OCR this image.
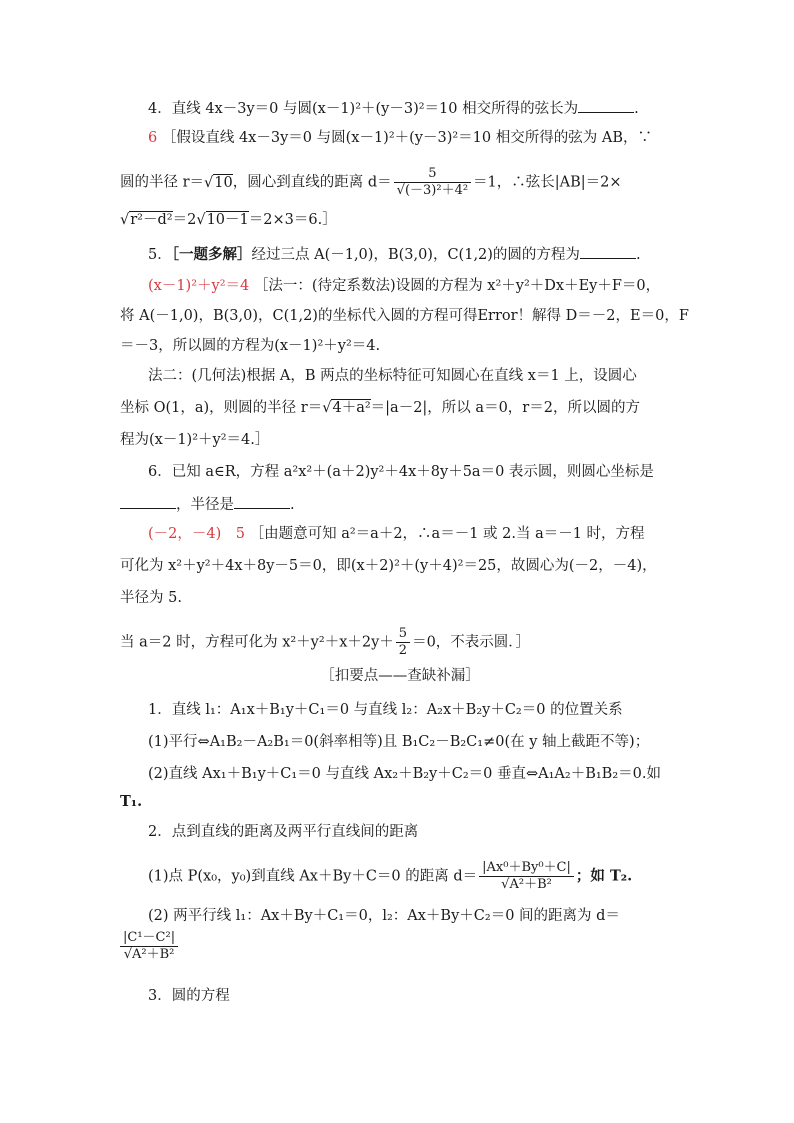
4．直线 4x－3y＝0 与圆(x－1)²＋(y－3)²＝10 相交所得的弦长为	.
6 ［假设直线 4x－3y＝0 与圆(x－1)²＋(y－3)²＝10 相交所得的弦为 AB，∵
圆的半径 r＝ √ 10，圆心到直线的距离 d＝ 5
√ (－3)²＋4² ＝1，∴弦长|AB|＝2×
√ r²－d²＝2 √ 10－1＝2×3＝6.］
5．［一题多解］经过三点 A(－1,0)，B(3,0)，C(1,2)的圆的方程为	.
(x－1)²＋y²＝4 ［法一：(待定系数法)设圆的方程为 x²＋y²＋Dx＋Ey＋F＝0，
将 A(－1,0)，B(3,0)，C(1,2)的坐标代入圆的方程可得Error！解得 D＝－2，E＝0，F
＝－3，所以圆的方程为(x－1)²＋y²＝4.
法二：(几何法)根据 A，B 两点的坐标特征可知圆心在直线 x＝1 上，设圆心
坐标 O(1，a)，则圆的半径 r＝ √ 4＋a²＝|a－2|，所以 a＝0，r＝2，所以圆的方
程为(x－1)²＋y²＝4.］
6．已知 a∈R，方程 a²x²＋(a＋2)y²＋4x＋8y＋5a＝0 表示圆，则圆心坐标是
，半径是	.
(－2，－4)　5 ［由题意可知 a²＝a＋2，∴a＝－1 或 2.当 a＝－1 时，方程
可化为 x²＋y²＋4x＋8y－5＝0，即(x＋2)²＋(y＋4)²＝25，故圆心为(－2，－4)，
半径为 5.
当 a＝2 时，方程可化为 $x^2+y^2+x+2y+ \frac{5}{2} =0$，不表示圆．］
［扣要点——查缺补漏］
1．直线 l₁：A₁x＋B₁y＋C₁＝0 与直线 l₂：A₂x＋B₂y＋C₂＝0 的位置关系
(1)平行⇔A₁B₂－A₂B₁＝0(斜率相等)且 B₁C₂－B₂C₁≠0(在 y 轴上截距不等)；
(2)直线 Ax₁＋B₁y＋C₁＝0 与直线 Ax₂＋B₂y＋C₂＝0 垂直⇔A₁A₂＋B₁B₂＝0.如
T₁.
2．点到直线的距离及两平行直线间的距离
(1)点 P(x₀，y₀)到直线 Ax＋By＋C＝0 的距离 d＝ |Ax⁰＋By⁰＋C|
√ A²＋B² ；如 T₂.
(2) 两平行线 l₁：Ax＋By＋C₁＝0，l₂：Ax＋By＋C₂＝0 间的距离为 d＝
|C¹－C²|
√ A²＋B²
3．圆的方程
